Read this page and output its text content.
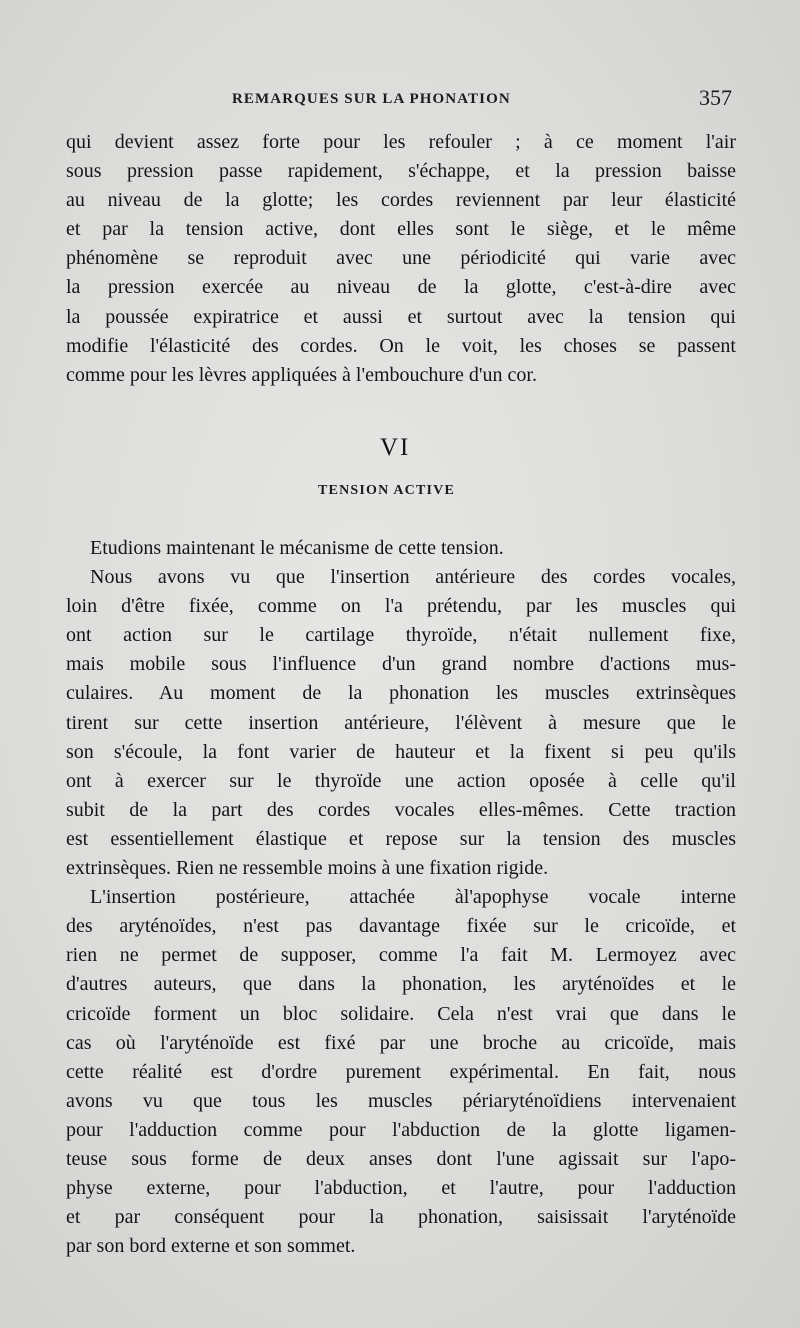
REMARQUES SUR LA PHONATION	357
qui devient assez forte pour les refouler ; à ce moment l'air
sous pression passe rapidement, s'échappe, et la pression baisse
au niveau de la glotte; les cordes reviennent par leur élasticité
et par la tension active, dont elles sont le siège, et le même
phénomène se reproduit avec une périodicité qui varie avec
la pression exercée au niveau de la glotte, c'est-à-dire avec
la poussée expiratrice et aussi et surtout avec la tension qui
modifie l'élasticité des cordes. On le voit, les choses se passent
comme pour les lèvres appliquées à l'embouchure d'un cor.
VI
TENSION ACTIVE
Etudions maintenant le mécanisme de cette tension.
Nous avons vu que l'insertion antérieure des cordes vocales,
loin d'être fixée, comme on l'a prétendu, par les muscles qui
ont action sur le cartilage thyroïde, n'était nullement fixe,
mais mobile sous l'influence d'un grand nombre d'actions mus-
culaires. Au moment de la phonation les muscles extrinsèques
tirent sur cette insertion antérieure, l'élèvent à mesure que le
son s'écoule, la font varier de hauteur et la fixent si peu qu'ils
ont à exercer sur le thyroïde une action oposée à celle qu'il
subit de la part des cordes vocales elles-mêmes. Cette traction
est essentiellement élastique et repose sur la tension des muscles
extrinsèques. Rien ne ressemble moins à une fixation rigide.
L'insertion postérieure, attachée àl'apophyse vocale interne
des aryténoïdes, n'est pas davantage fixée sur le cricoïde, et
rien ne permet de supposer, comme l'a fait M. Lermoyez avec
d'autres auteurs, que dans la phonation, les aryténoïdes et le
cricoïde forment un bloc solidaire. Cela n'est vrai que dans le
cas où l'aryténoïde est fixé par une broche au cricoïde, mais
cette réalité est d'ordre purement expérimental. En fait, nous
avons vu que tous les muscles périaryténoïdiens intervenaient
pour l'adduction comme pour l'abduction de la glotte ligamen-
teuse sous forme de deux anses dont l'une agissait sur l'apo-
physe externe, pour l'abduction, et l'autre, pour l'adduction
et par conséquent pour la phonation, saisissait l'aryténoïde
par son bord externe et son sommet.
